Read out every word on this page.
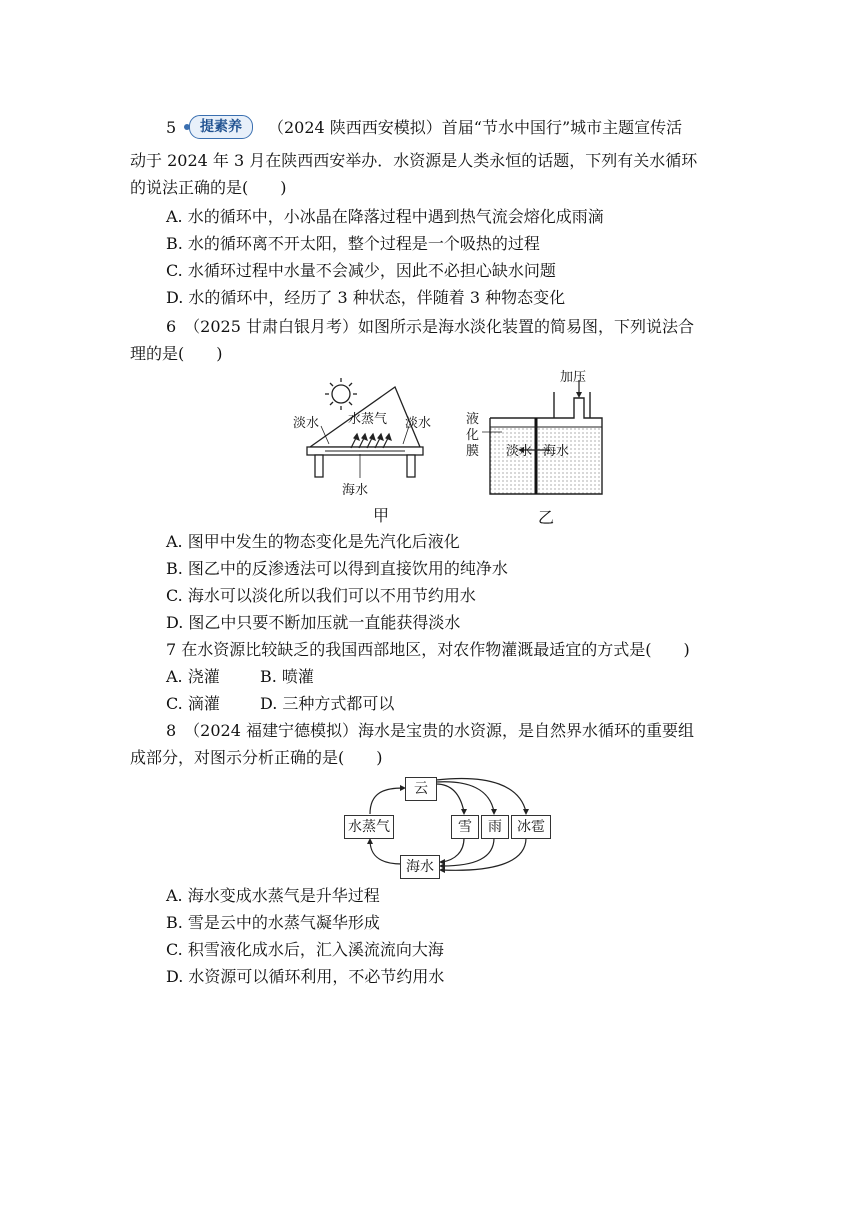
5	提素养	（2024 陕西西安模拟）首届“节水中国行”城市主题宣传活
动于 2024 年 3 月在陕西西安举办．水资源是人类永恒的话题，下列有关水循环
的说法正确的是(　　)
A. 水的循环中，小冰晶在降落过程中遇到热气流会熔化成雨滴
B. 水的循环离不开太阳，整个过程是一个吸热的过程
C. 水循环过程中水量不会减少，因此不必担心缺水问题
D. 水的循环中，经历了 3 种状态，伴随着 3 种物态变化
6　（2025 甘肃白银月考）如图所示是海水淡化装置的简易图，下列说法合
理的是(　　)
淡水	淡水
水蒸气
海水
甲
加压
液
化
膜 淡水 海水
乙
A. 图甲中发生的物态变化是先汽化后液化
B. 图乙中的反渗透法可以得到直接饮用的纯净水
C. 海水可以淡化所以我们可以不用节约用水
D. 图乙中只要不断加压就一直能获得淡水
7 在水资源比较缺乏的我国西部地区，对农作物灌溉最适宜的方式是(　　)
A. 浇灌	B. 喷灌
C. 滴灌	D. 三种方式都可以
8　（2024 福建宁德模拟）海水是宝贵的水资源，是自然界水循环的重要组
成部分，对图示分析正确的是(　　)
云
水蒸气	雪	雨	冰雹
海水
A. 海水变成水蒸气是升华过程
B. 雪是云中的水蒸气凝华形成
C. 积雪液化成水后，汇入溪流流向大海
D. 水资源可以循环利用，不必节约用水
